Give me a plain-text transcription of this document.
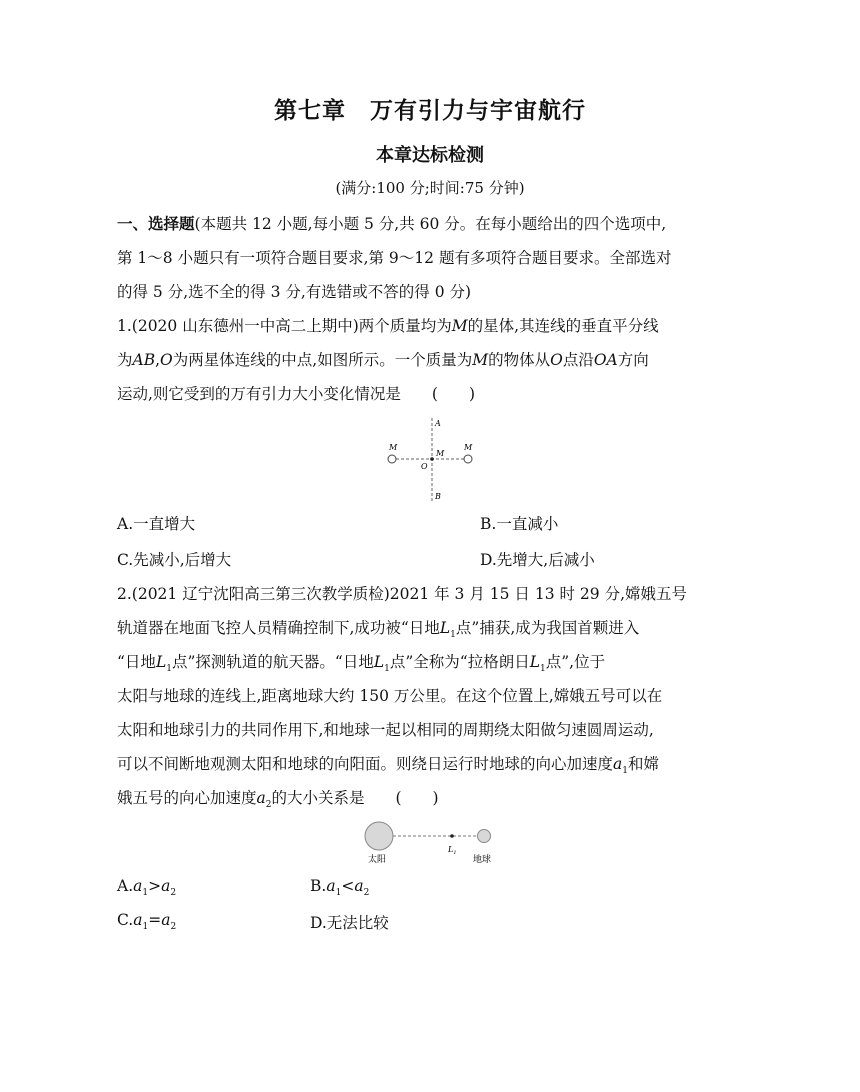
第七章　万有引力与宇宙航行
本章达标检测
(满分:100 分;时间:75 分钟)
一、选择题(本题共 12 小题,每小题 5 分,共 60 分。在每小题给出的四个选项中,
第 1～8 小题只有一项符合题目要求,第 9～12 题有多项符合题目要求。全部选对
的得 5 分,选不全的得 3 分,有选错或不答的得 0 分)
1.(2020 山东德州一中高二上期中)两个质量均为M的星体,其连线的垂直平分线
为AB,O为两星体连线的中点,如图所示。一个质量为M的物体从O点沿OA方向
运动,则它受到的万有引力大小变化情况是　　(　　)
M	M
M
A
B
O
A.一直增大	B.一直减小
C.先减小,后增大	D.先增大,后减小
2.(2021 辽宁沈阳高三第三次教学质检)2021 年 3 月 15 日 13 时 29 分,嫦娥五号
轨道器在地面飞控人员精确控制下,成功被“日地$L_1$点”捕获,成为我国首颗进入
“日地$L_1$点”探测轨道的航天器。“日地$L_1$点”全称为“拉格朗日$L_1$点”,位于
太阳与地球的连线上,距离地球大约 150 万公里。在这个位置上,嫦娥五号可以在
太阳和地球引力的共同作用下,和地球一起以相同的周期绕太阳做匀速圆周运动,
可以不间断地观测太阳和地球的向阳面。则绕日运行时地球的向心加速度$a_1$和嫦
娥五号的向心加速度$a_2$的大小关系是　　(　　)
太阳
$L_1$
地球
$A.a_1>a_2$	$B.a_1<a_2$
$C.a_1=a_2$	D.无法比较
